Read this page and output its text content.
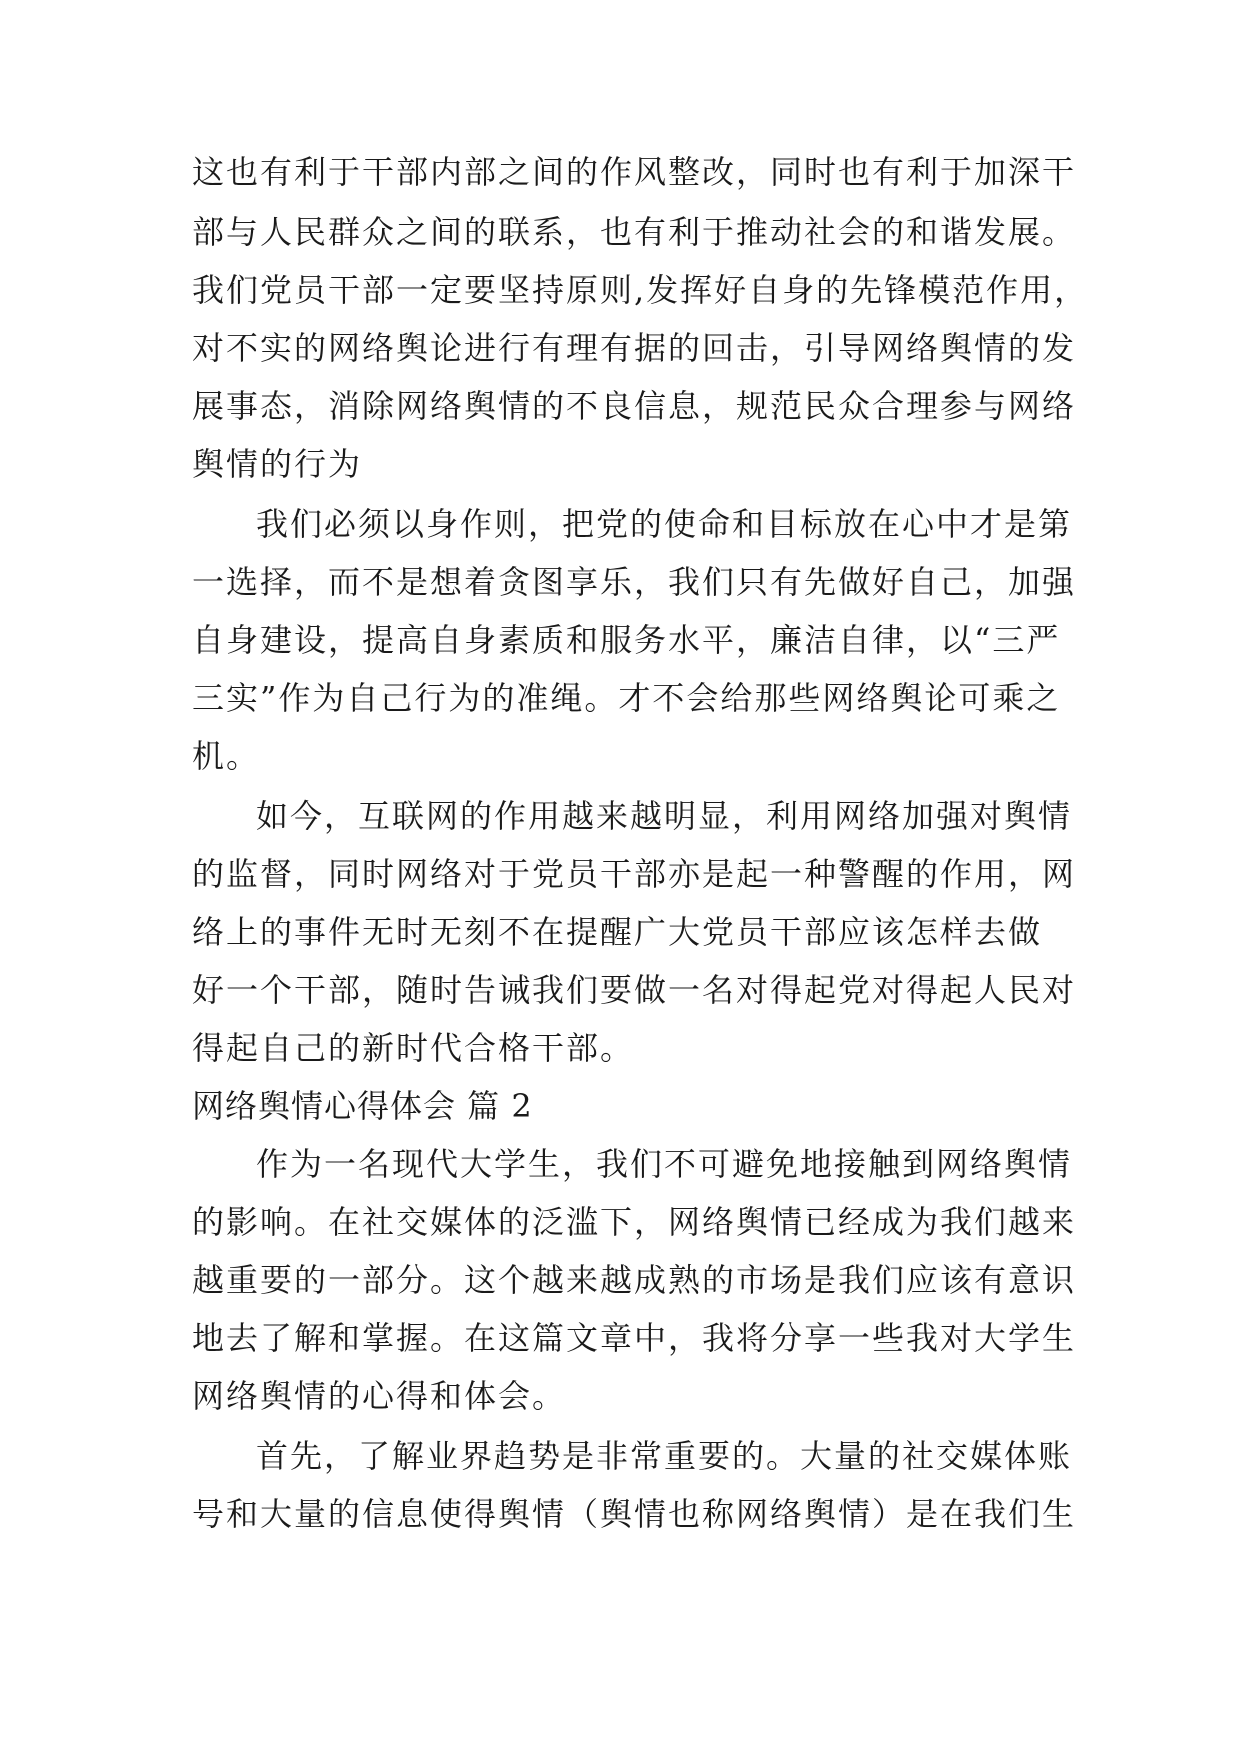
这也有利于干部内部之间的作风整改，同时也有利于加深干
部与人民群众之间的联系，也有利于推动社会的和谐发展。
我们党员干部一定要坚持原则,发挥好自身的先锋模范作用，
对不实的网络舆论进行有理有据的回击，引导网络舆情的发
展事态，消除网络舆情的不良信息，规范民众合理参与网络
舆情的行为
我们必须以身作则，把党的使命和目标放在心中才是第
一选择，而不是想着贪图享乐，我们只有先做好自己，加强
自身建设，提高自身素质和服务水平，廉洁自律，以“三严
三实”作为自己行为的准绳。才不会给那些网络舆论可乘之
机。
如今，互联网的作用越来越明显，利用网络加强对舆情
的监督，同时网络对于党员干部亦是起一种警醒的作用，网
络上的事件无时无刻不在提醒广大党员干部应该怎样去做
好一个干部，随时告诫我们要做一名对得起党对得起人民对
得起自己的新时代合格干部。
网络舆情心得体会 篇 2
作为一名现代大学生，我们不可避免地接触到网络舆情
的影响。在社交媒体的泛滥下，网络舆情已经成为我们越来
越重要的一部分。这个越来越成熟的市场是我们应该有意识
地去了解和掌握。在这篇文章中，我将分享一些我对大学生
网络舆情的心得和体会。
首先，了解业界趋势是非常重要的。大量的社交媒体账
号和大量的信息使得舆情（舆情也称网络舆情）是在我们生
